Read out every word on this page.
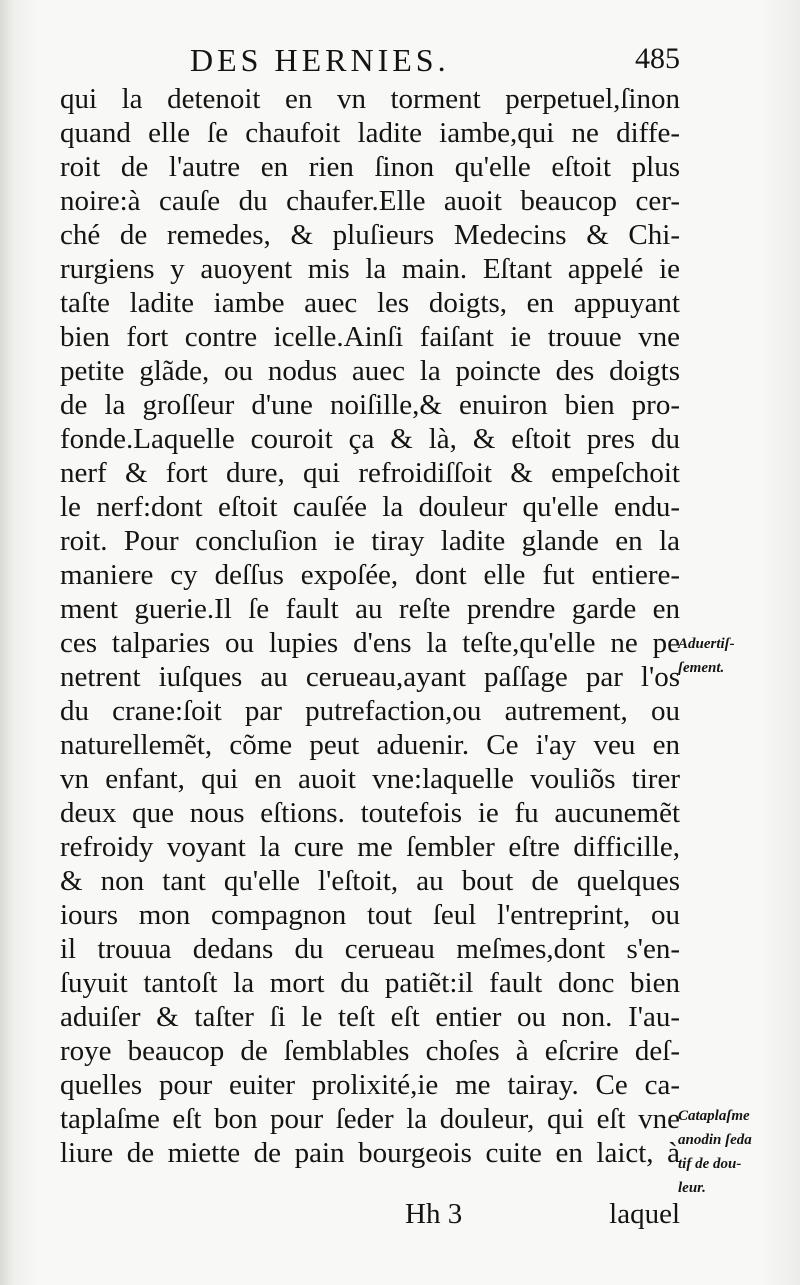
DES HERNIES.	485
qui la detenoit en vn torment perpetuel,ſinon
quand elle ſe chaufoit ladite iambe,qui ne diffe-
roit de l'autre en rien ſinon qu'elle eſtoit plus
noire:à cauſe du chaufer.Elle auoit beaucop cer-
ché de remedes, & pluſieurs Medecins & Chi-
rurgiens y auoyent mis la main. Eſtant appelé ie
taſte ladite iambe auec les doigts, en appuyant
bien fort contre icelle.Ainſi faiſant ie trouue vne
petite glãde, ou nodus auec la poincte des doigts
de la groſſeur d'une noiſille,& enuiron bien pro-
fonde.Laquelle couroit ça & là, & eſtoit pres du
nerf & fort dure, qui refroidiſſoit & empeſchoit
le nerf:dont eſtoit cauſée la douleur qu'elle endu-
roit. Pour concluſion ie tiray ladite glande en la
maniere cy deſſus expoſée, dont elle fut entiere-
ment guerie.Il ſe fault au reſte prendre garde en
ces talparies ou lupies d'ens la teſte,qu'elle ne pe
netrent iuſques au cerueau,ayant paſſage par l'os
du crane:ſoit par putrefaction,ou autrement, ou
naturellemẽt, cõme peut aduenir. Ce i'ay veu en
vn enfant, qui en auoit vne:laquelle vouliõs tirer
deux que nous eſtions. toutefois ie fu aucunemẽt
refroidy voyant la cure me ſembler eſtre difficille,
& non tant qu'elle l'eſtoit, au bout de quelques
iours mon compagnon tout ſeul l'entreprint, ou
il trouua dedans du cerueau meſmes,dont s'en-
ſuyuit tantoſt la mort du patiẽt:il fault donc bien
aduiſer & taſter ſi le teſt eſt entier ou non. I'au-
roye beaucop de ſemblables choſes à eſcrire deſ-
quelles pour euiter prolixité,ie me tairay. Ce ca-
taplaſme eſt bon pour ſeder la douleur, qui eſt vne
liure de miette de pain bourgeois cuite en laict, à
Aduertiſ-
ſement.
Cataplaſme
anodin ſeda
tif de dou-
leur.
Hh 3	laquel
